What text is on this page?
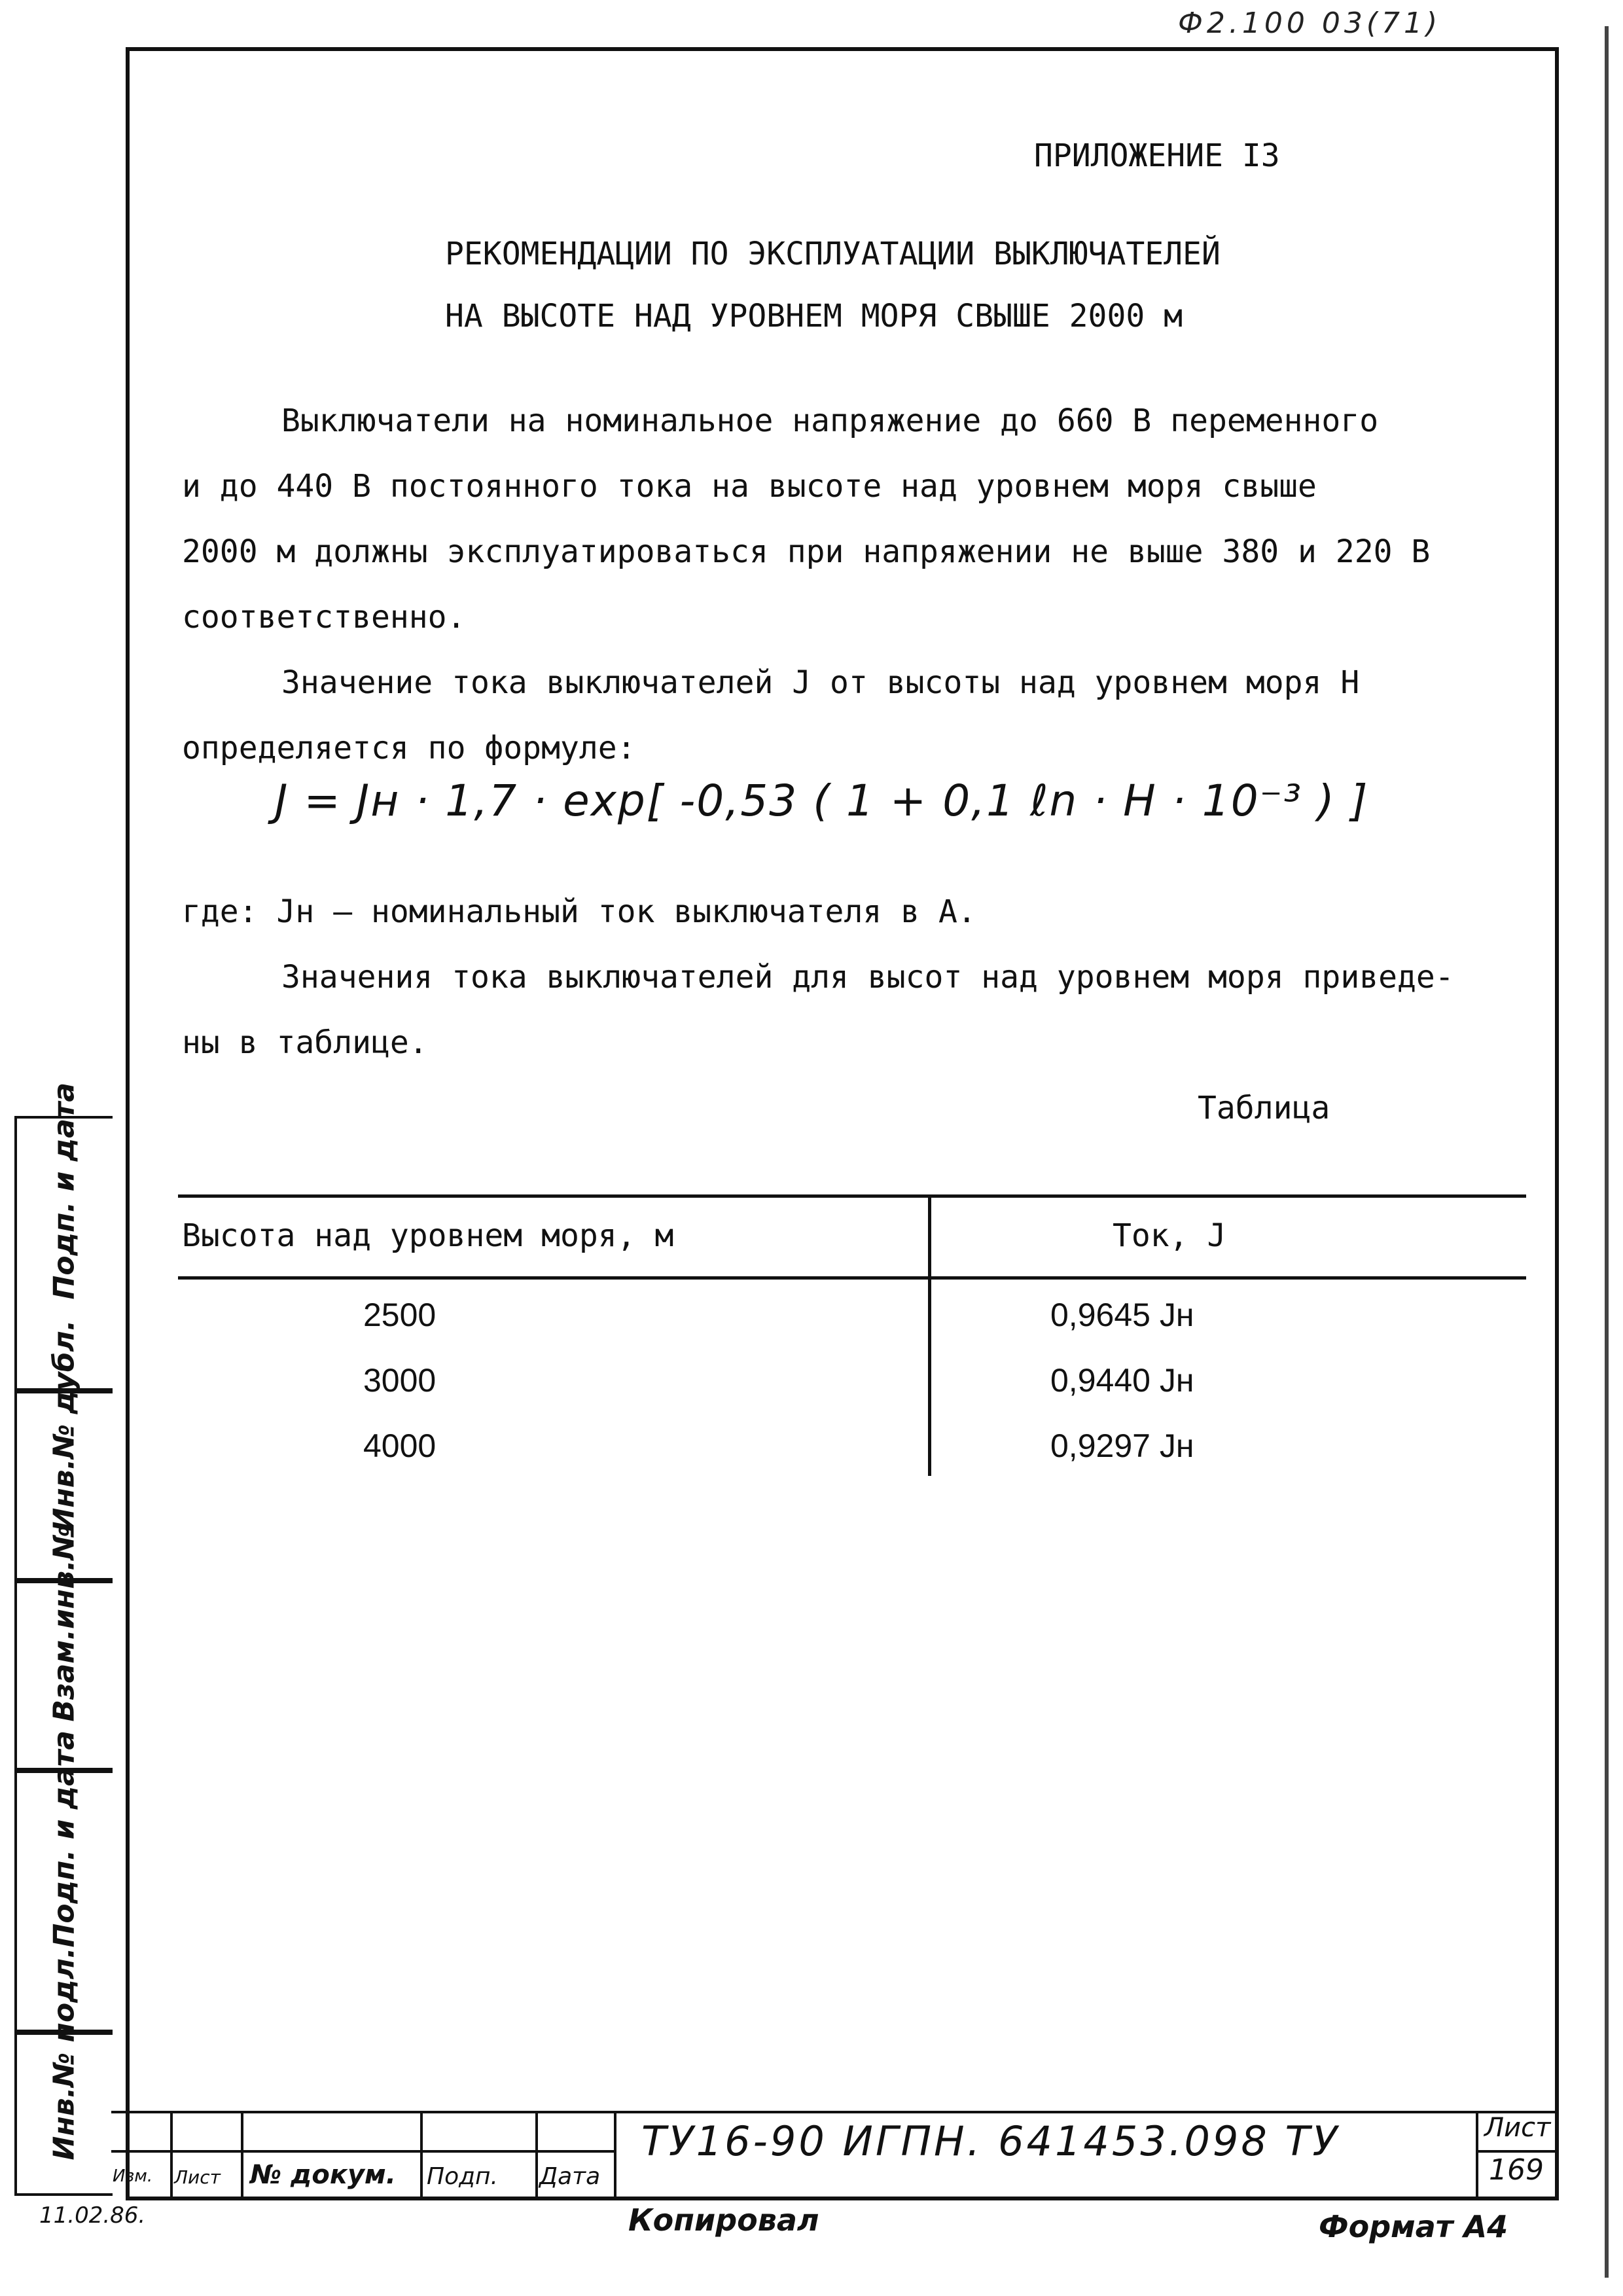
Ф2.100 03(71)
ПРИЛОЖЕНИЕ I3
РЕКОМЕНДАЦИИ ПО ЭКСПЛУАТАЦИИ ВЫКЛЮЧАТЕЛЕЙ
НА ВЫСОТЕ НАД УРОВНЕМ МОРЯ СВЫШЕ 2000 м
Выключатели на номинальное напряжение до 660 В переменного
и до 440 В постоянного тока на высоте над уровнем моря свыше
2000 м должны эксплуатироваться при напряжении не выше 380 и 220 В
соответственно.
Значение тока выключателей J от высоты над уровнем моря Н
определяется по формуле:
J = Jн · 1,7 · exp[ -0,53 ( 1 + 0,1 ℓn · H · 10⁻³ ) ]
где: Jн – номинальный ток выключателя в А.
Значения тока выключателей для высот над уровнем моря приведе-
ны в таблице.
Таблица
Высота над уровнем моря, м	Ток, J
2500	0,9645 Jн
3000	0,9440 Jн
4000	0,9297 Jн
Подп. и дата
Инв.№ дубл.
Взам.инв.№
Подп. и дата
Инв.№ подл.
Изм. Лист № докум. Подп. Дата
ТУ16-90 ИГПН. 641453.098 ТУ	Лист
169
11.02.86.	Копировал	Формат А4
